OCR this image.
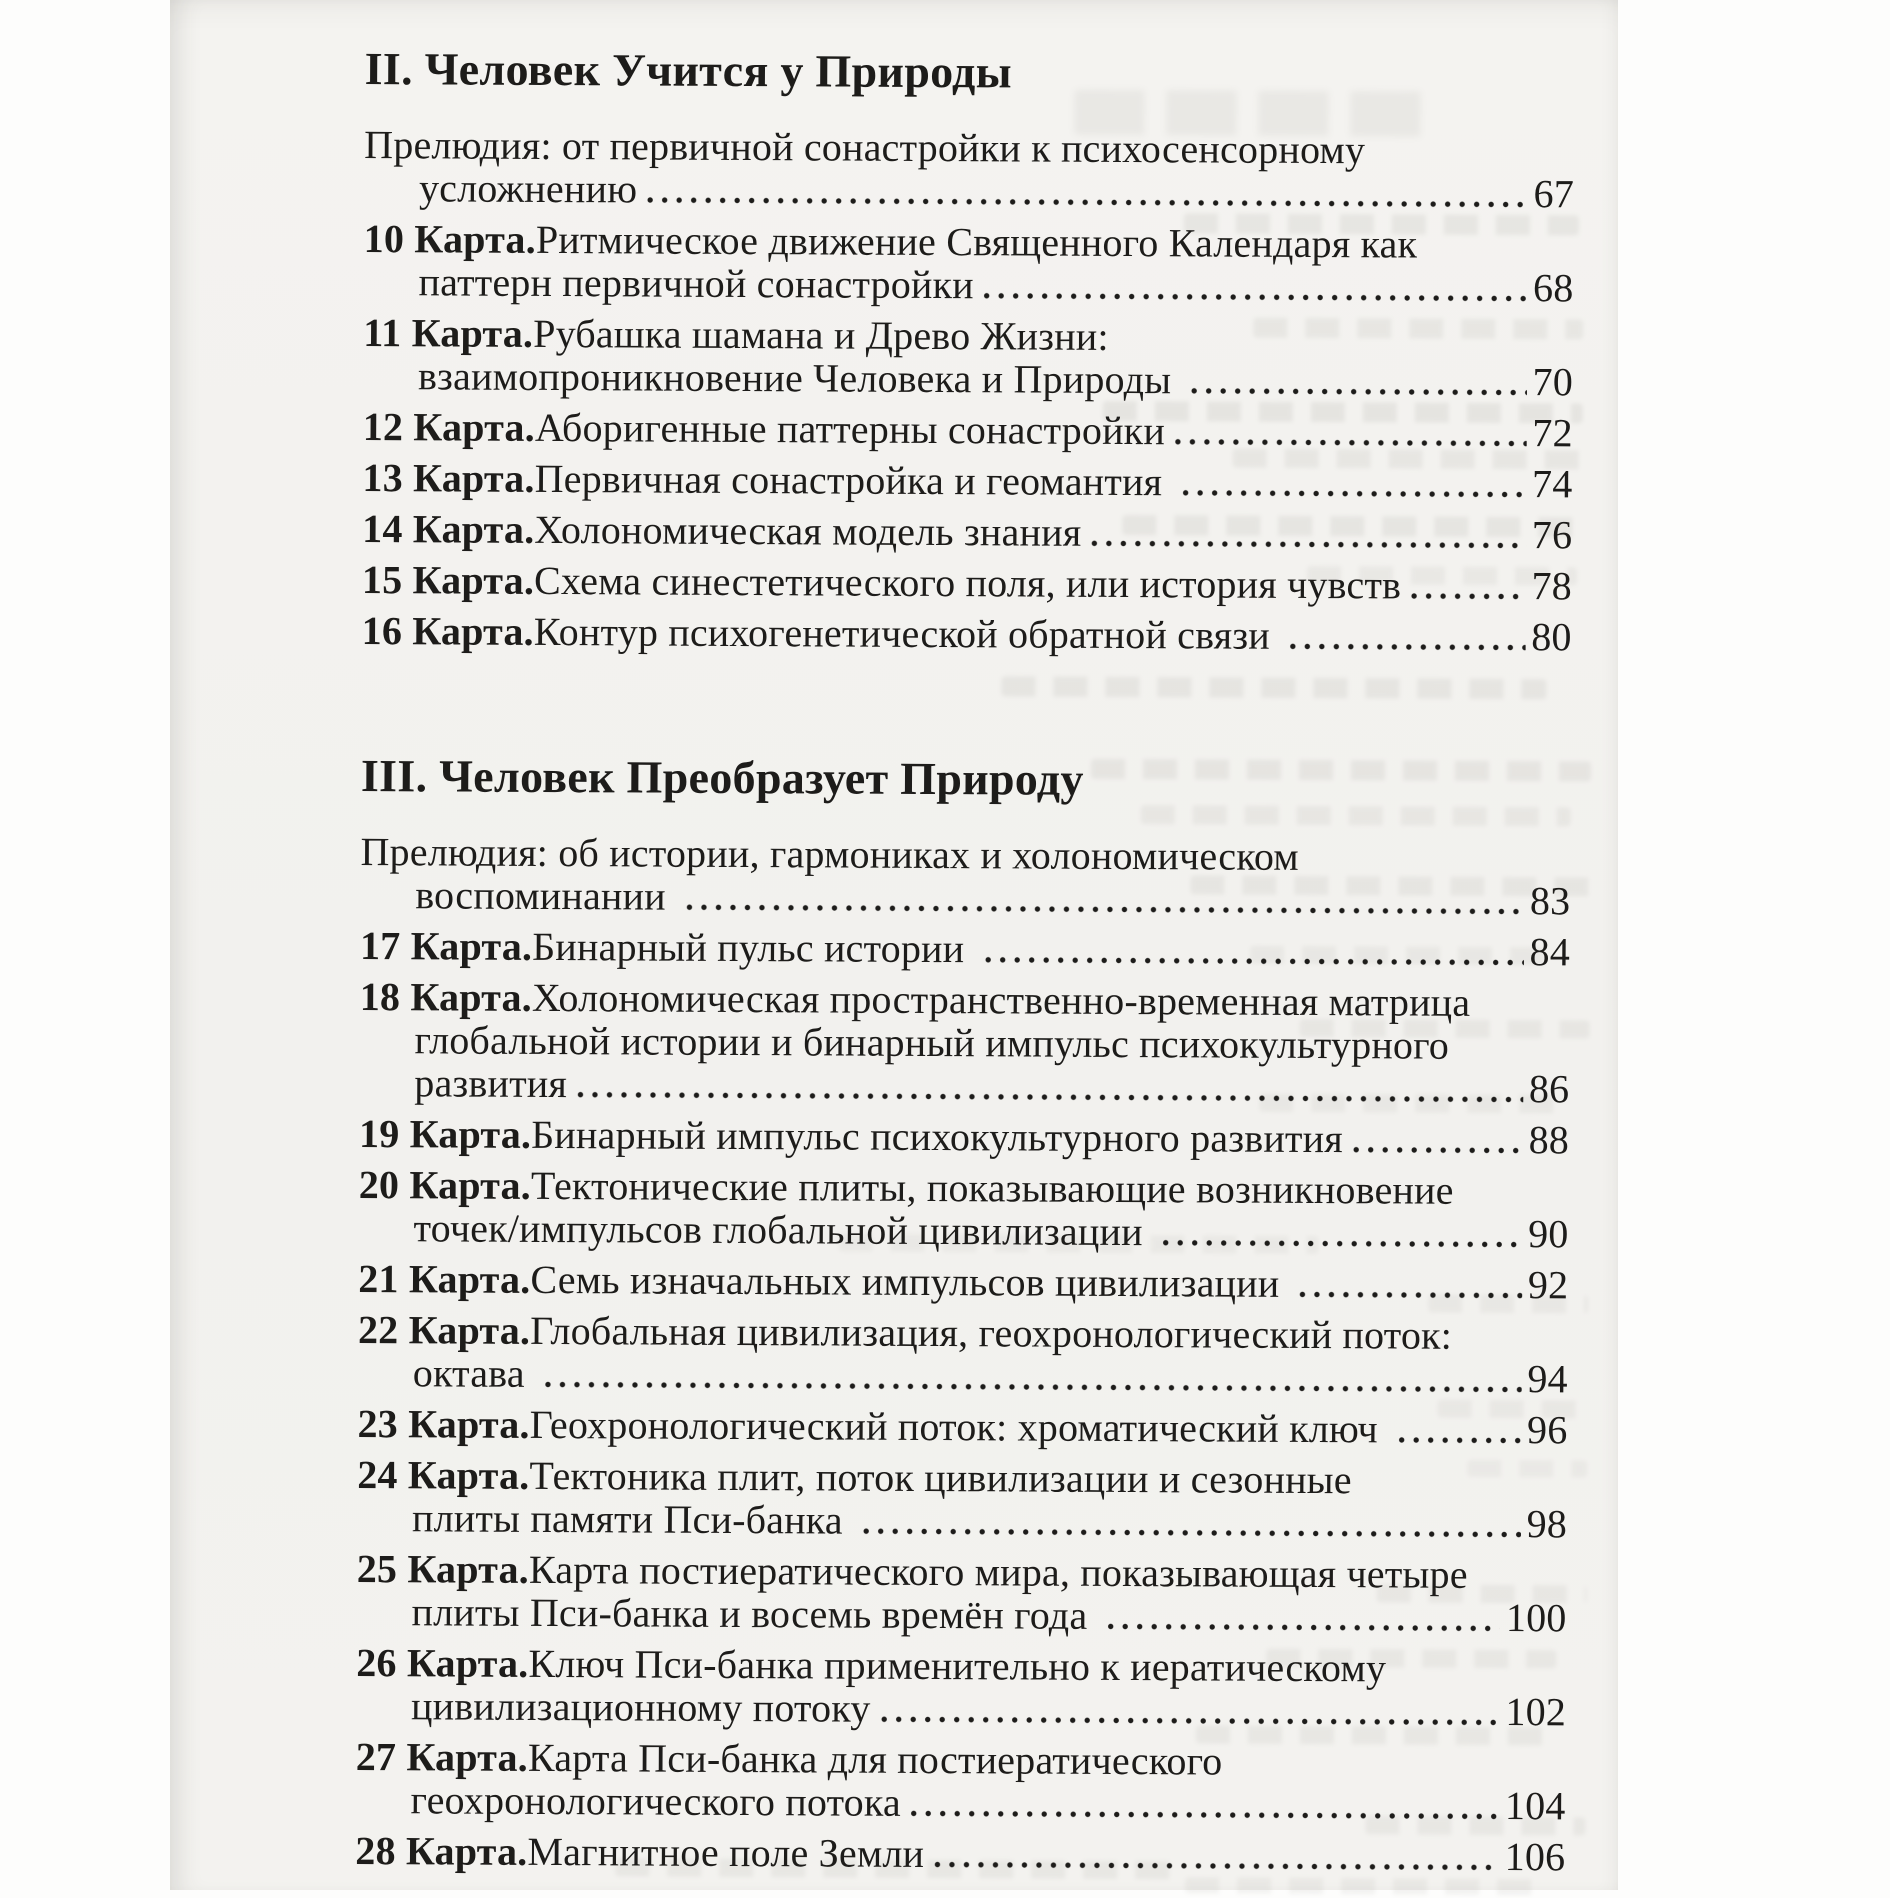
II. Человек Учится у Природы
Прелюдия: от первичной сонастройки к психосенсорному
усложнению	67
10 Карта. Ритмическое движение Священного Календаря как
паттерн первичной сонастройки	68
11 Карта. Рубашка шамана и Древо Жизни:
взаимопроникновение Человека и Природы	70
12 Карта. Аборигенные паттерны сонастройки	72
13 Карта. Первичная сонастройка и геомантия	74
14 Карта. Холономическая модель знания	76
15 Карта. Схема синестетического поля, или история чувств	78
16 Карта. Контур психогенетической обратной связи	80
III. Человек Преобразует Природу
Прелюдия: об истории, гармониках и холономическом
воспоминании	83
17 Карта. Бинарный пульс истории	84
18 Карта. Холономическая пространственно-временная матрица
глобальной истории и бинарный импульс психокультурного
развития	86
19 Карта. Бинарный импульс психокультурного развития	88
20 Карта. Тектонические плиты, показывающие возникновение
точек/импульсов глобальной цивилизации	90
21 Карта. Семь изначальных импульсов цивилизации	92
22 Карта. Глобальная цивилизация, геохронологический поток:
октава	94
23 Карта. Геохронологический поток: хроматический ключ	96
24 Карта. Тектоника плит, поток цивилизации и сезонные
плиты памяти Пси-банка	98
25 Карта. Карта постиератического мира, показывающая четыре
плиты Пси-банка и восемь времён года	100
26 Карта. Ключ Пси-банка применительно к иератическому
цивилизационному потоку	102
27 Карта. Карта Пси-банка для постиератического
геохронологического потока	104
28 Карта. Магнитное поле Земли	106
